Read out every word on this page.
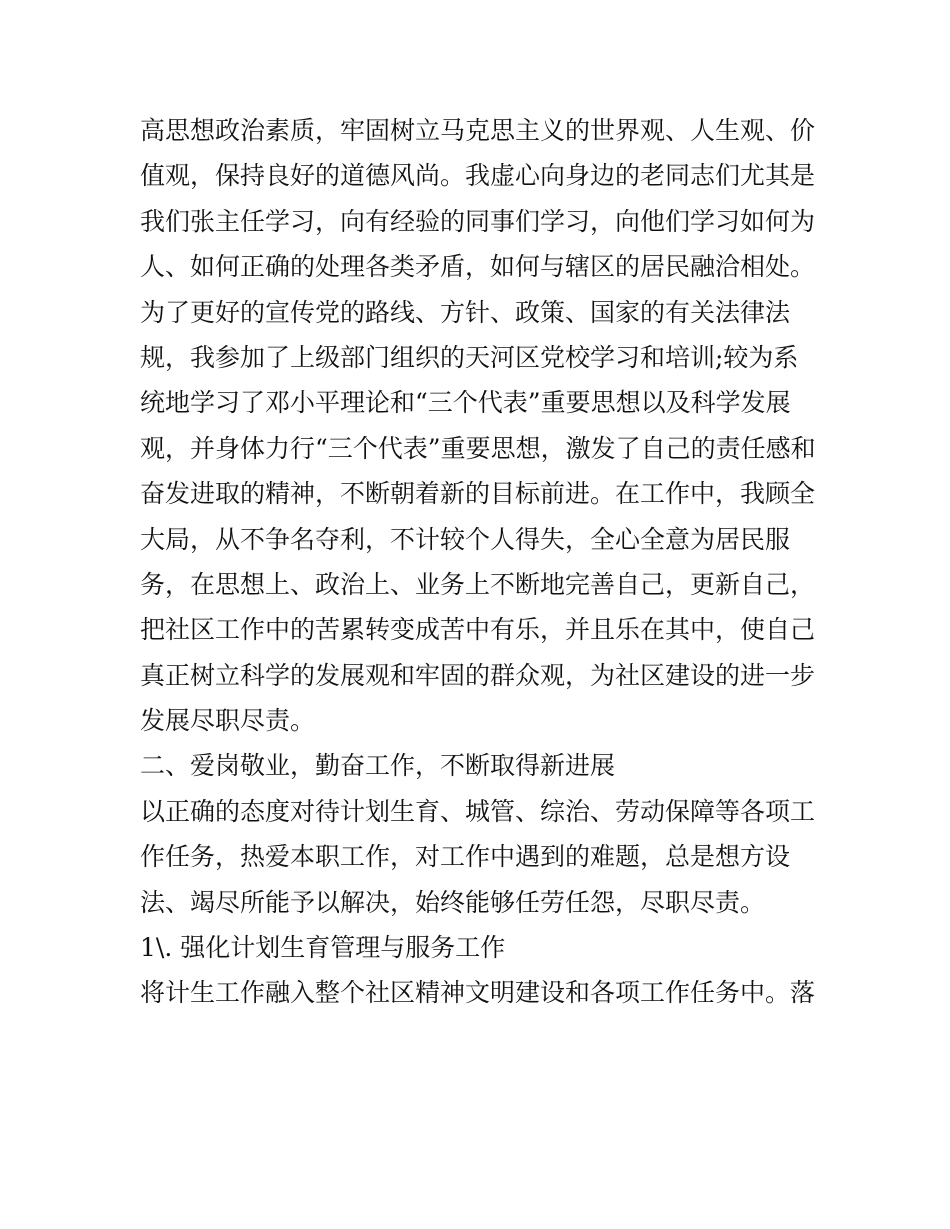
高思想政治素质，牢固树立马克思主义的世界观、人生观、价
值观，保持良好的道德风尚。我虚心向身边的老同志们尤其是
我们张主任学习，向有经验的同事们学习，向他们学习如何为
人、如何正确的处理各类矛盾，如何与辖区的居民融洽相处。
为了更好的宣传党的路线、方针、政策、国家的有关法律法
规，我参加了上级部门组织的天河区党校学习和培训;较为系
统地学习了邓小平理论和“三个代表”重要思想以及科学发展
观，并身体力行“三个代表”重要思想，激发了自己的责任感和
奋发进取的精神，不断朝着新的目标前进。在工作中，我顾全
大局，从不争名夺利，不计较个人得失，全心全意为居民服
务，在思想上、政治上、业务上不断地完善自己，更新自己，
把社区工作中的苦累转变成苦中有乐，并且乐在其中，使自己
真正树立科学的发展观和牢固的群众观，为社区建设的进一步
发展尽职尽责。
二、爱岗敬业，勤奋工作，不断取得新进展
以正确的态度对待计划生育、城管、综治、劳动保障等各项工
作任务，热爱本职工作，对工作中遇到的难题，总是想方设
法、竭尽所能予以解决，始终能够任劳任怨，尽职尽责。
1\. 强化计划生育管理与服务工作
将计生工作融入整个社区精神文明建设和各项工作任务中。落
